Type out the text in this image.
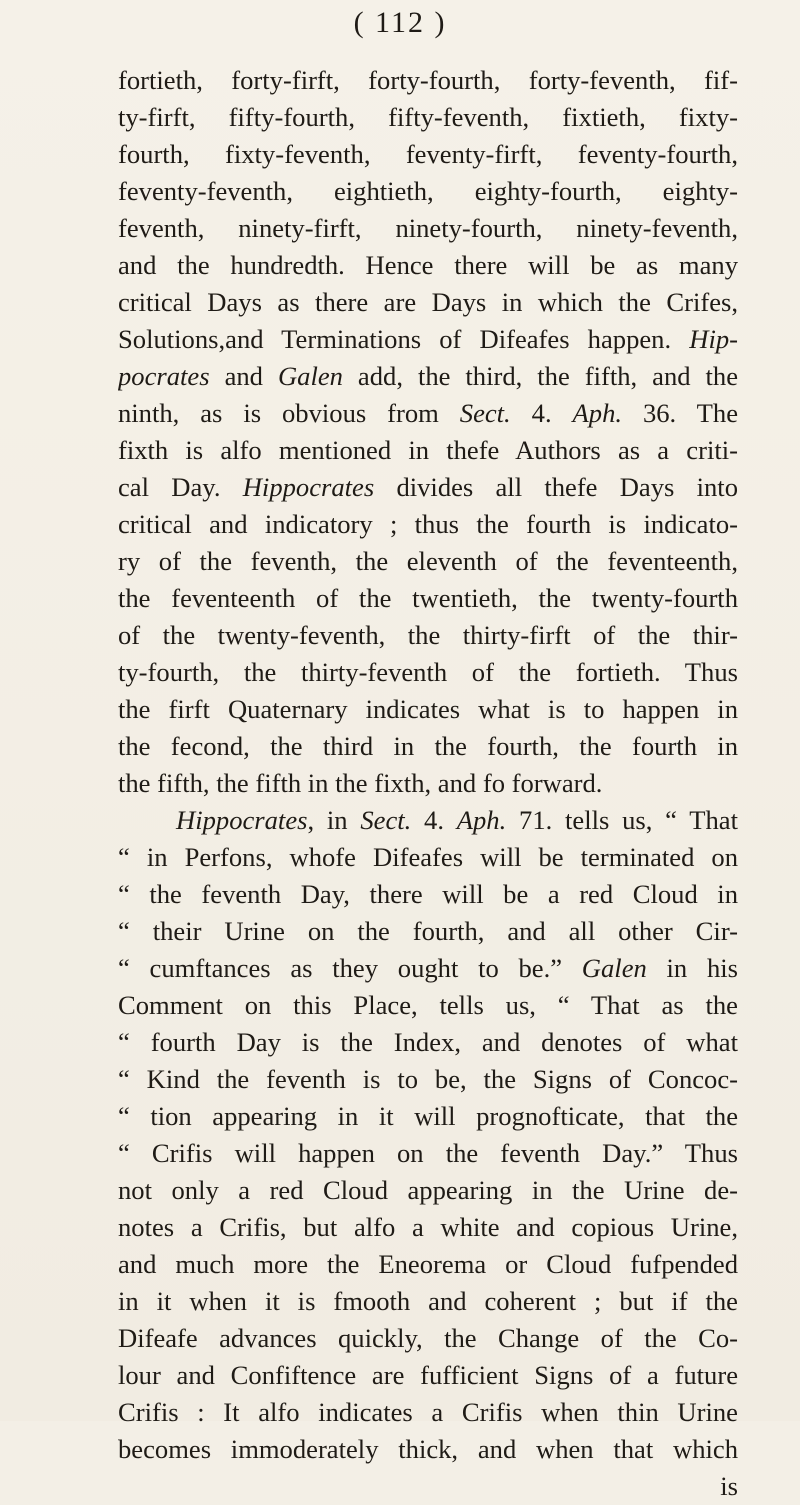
( 112 )
fortieth, forty-firft, forty-fourth, forty-feventh, fif-
ty-firft, fifty-fourth, fifty-feventh, fixtieth, fixty-
fourth, fixty-feventh, feventy-firft, feventy-fourth,
feventy-feventh, eightieth, eighty-fourth, eighty-
feventh, ninety-firft, ninety-fourth, ninety-feventh,
and the hundredth. Hence there will be as many
critical Days as there are Days in which the Crifes,
Solutions,and Terminations of Difeafes happen. Hip-
pocrates and Galen add, the third, the fifth, and the
ninth, as is obvious from Sect. 4. Aph. 36. The
fixth is alfo mentioned in thefe Authors as a criti-
cal Day. Hippocrates divides all thefe Days into
critical and indicatory ; thus the fourth is indicato-
ry of the feventh, the eleventh of the feventeenth,
the feventeenth of the twentieth, the twenty-fourth
of the twenty-feventh, the thirty-firft of the thir-
ty-fourth, the thirty-feventh of the fortieth. Thus
the firft Quaternary indicates what is to happen in
the fecond, the third in the fourth, the fourth in
the fifth, the fifth in the fixth, and fo forward.
Hippocrates, in Sect. 4. Aph. 71. tells us, “ That
“ in Perfons, whofe Difeafes will be terminated on
“ the feventh Day, there will be a red Cloud in
“ their Urine on the fourth, and all other Cir-
“ cumftances as they ought to be.” Galen in his
Comment on this Place, tells us, “ That as the
“ fourth Day is the Index, and denotes of what
“ Kind the feventh is to be, the Signs of Concoc-
“ tion appearing in it will prognofticate, that the
“ Crifis will happen on the feventh Day.” Thus
not only a red Cloud appearing in the Urine de-
notes a Crifis, but alfo a white and copious Urine,
and much more the Eneorema or Cloud fufpended
in it when it is fmooth and coherent ; but if the
Difeafe advances quickly, the Change of the Co-
lour and Confiftence are fufficient Signs of a future
Crifis : It alfo indicates a Crifis when thin Urine
becomes immoderately thick, and when that which
is
